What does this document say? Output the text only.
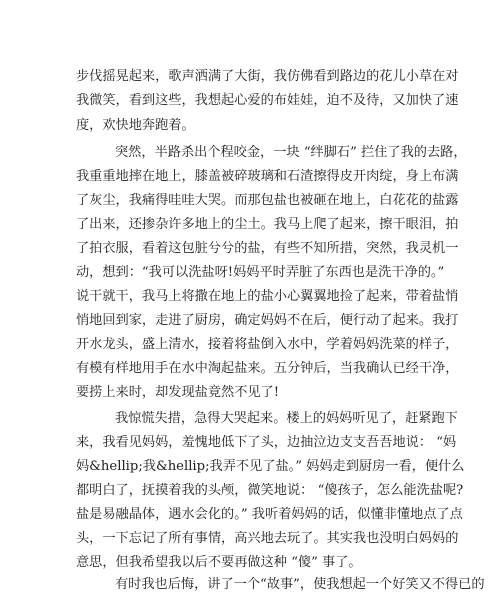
步伐摇晃起来，歌声洒满了大街，我仿佛看到路边的花儿小草在对
我微笑，看到这些，我想起心爱的布娃娃，迫不及待，又加快了速
度，欢快地奔跑着。
突然，半路杀出个程咬金，一块 “绊脚石” 拦住了我的去路，
我重重地摔在地上，膝盖被碎玻璃和石渣擦得皮开肉绽，身上布满
了灰尘，我痛得哇哇大哭。而那包盐也被砸在地上，白花花的盐露
了出来，还掺杂许多地上的尘土。我马上爬了起来，擦干眼泪，拍
了拍衣服，看着这包脏兮兮的盐，有些不知所措，突然，我灵机一
动，想到：“我可以洗盐呀!妈妈平时弄脏了东西也是洗干净的。”
说干就干，我马上将撒在地上的盐小心翼翼地捡了起来，带着盐悄
悄地回到家，走进了厨房，确定妈妈不在后，便行动了起来。我打
开水龙头，盛上清水，接着将盐倒入水中，学着妈妈洗菜的样子，
有模有样地用手在水中淘起盐来。五分钟后，当我确认已经干净，
要捞上来时，却发现盐竟然不见了!
我惊慌失措，急得大哭起来。楼上的妈妈听见了，赶紧跑下
来，我看见妈妈，羞愧地低下了头，边抽泣边支支吾吾地说： “妈
妈&hellip;我&hellip;我弄不见了盐。” 妈妈走到厨房一看，便什么
都明白了，抚摸着我的头颅，微笑地说： “傻孩子，怎么能洗盐呢?
盐是易融晶体，遇水会化的。” 我听着妈妈的话，似懂非懂地点了点
头，一下忘记了所有事情，高兴地去玩了。其实我也没明白妈妈的
意思，但我希望我以后不要再做这种 “傻” 事了。
有时我也后悔，讲了一个“故事”，使我想起一个好笑又不得已的
